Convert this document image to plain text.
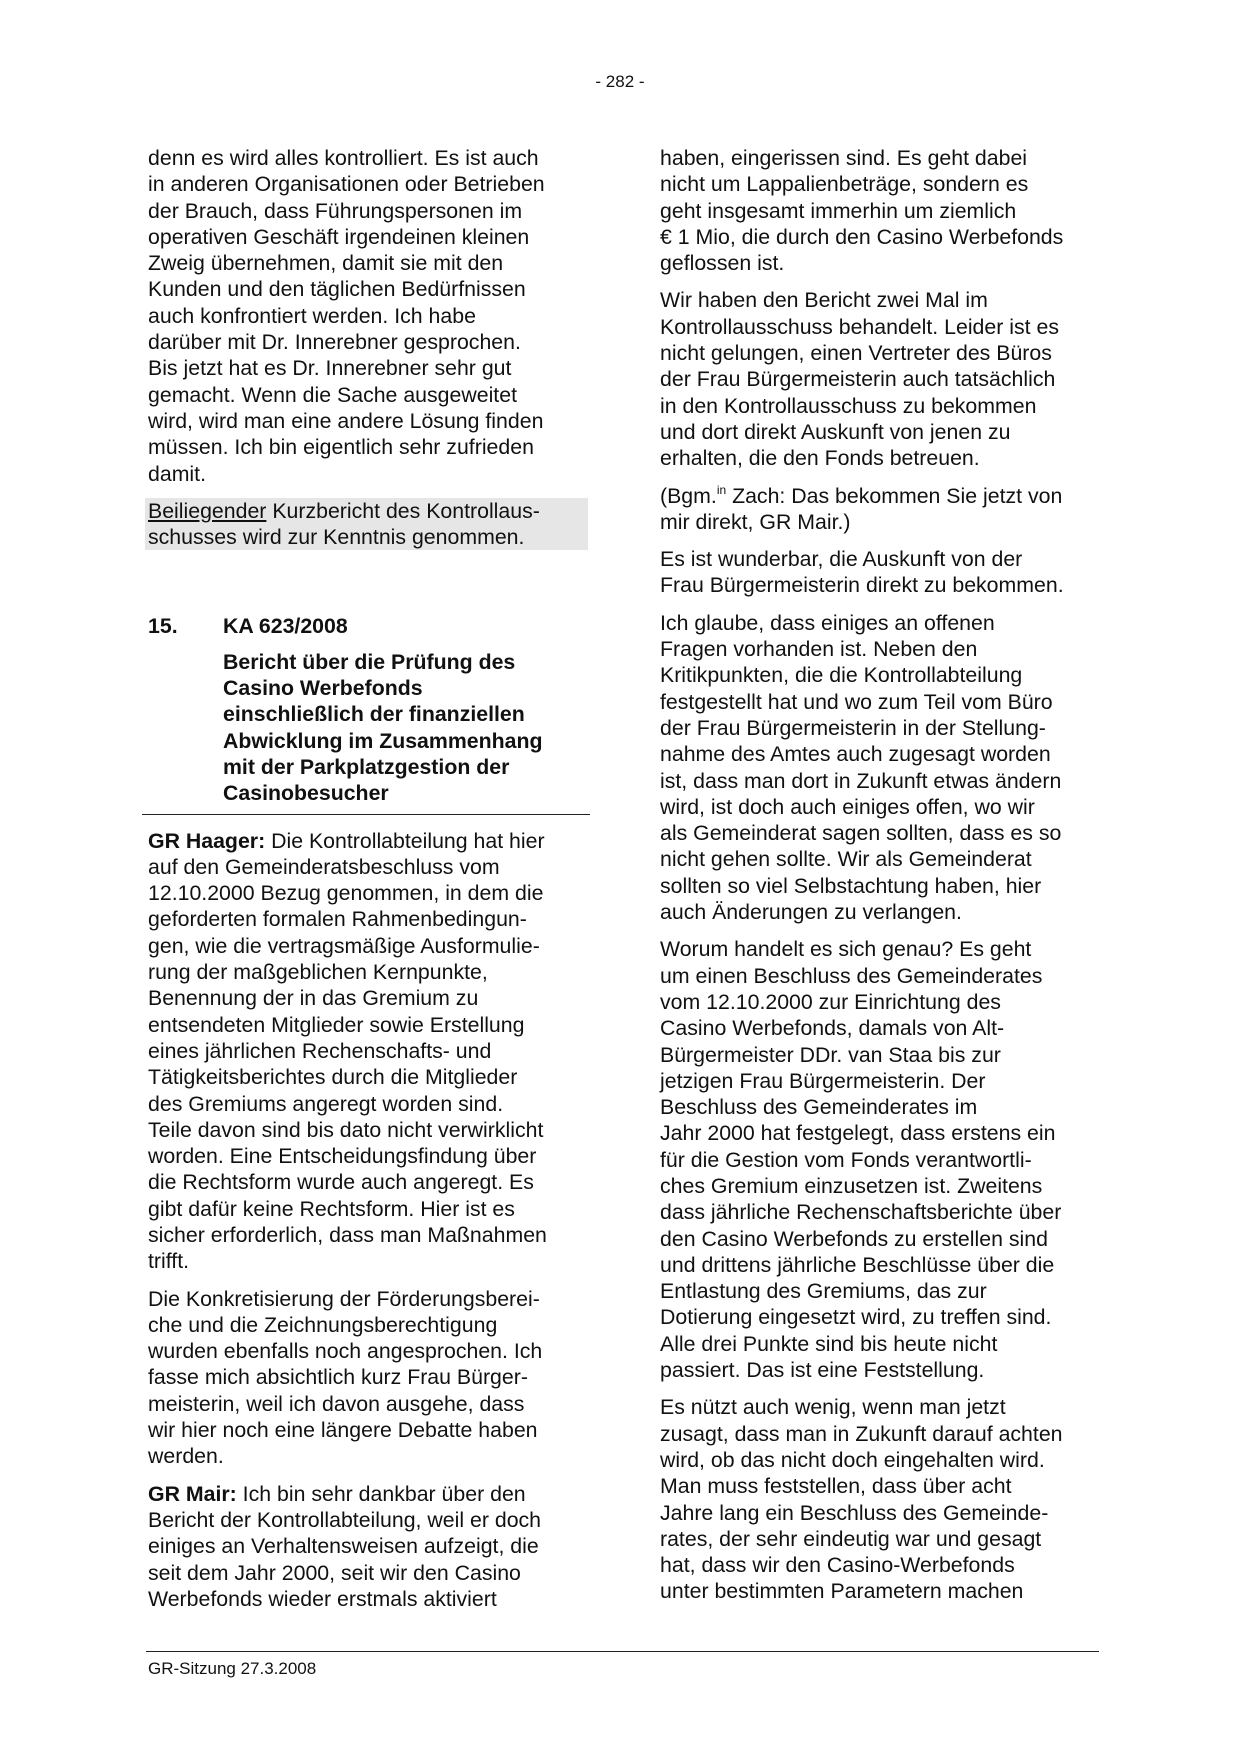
- 282 -

denn es wird alles kontrolliert. Es ist auch
in anderen Organisationen oder Betrieben
der Brauch, dass Führungspersonen im
operativen Geschäft irgendeinen kleinen
Zweig übernehmen, damit sie mit den
Kunden und den täglichen Bedürfnissen
auch konfrontiert werden. Ich habe
darüber mit Dr. Innerebner gesprochen.
Bis jetzt hat es Dr. Innerebner sehr gut
gemacht. Wenn die Sache ausgeweitet
wird, wird man eine andere Lösung finden
müssen. Ich bin eigentlich sehr zufrieden
damit.

Beiliegender Kurzbericht des Kontrollaus-
schusses wird zur Kenntnis genommen.

15.	KA 623/2008
Bericht über die Prüfung des
Casino Werbefonds
einschließlich der finanziellen
Abwicklung im Zusammenhang
mit der Parkplatzgestion der
Casinobesucher

GR Haager: Die Kontrollabteilung hat hier
auf den Gemeinderatsbeschluss vom
12.10.2000 Bezug genommen, in dem die
geforderten formalen Rahmenbedingun-
gen, wie die vertragsmäßige Ausformulie-
rung der maßgeblichen Kernpunkte,
Benennung der in das Gremium zu
entsendeten Mitglieder sowie Erstellung
eines jährlichen Rechenschafts- und
Tätigkeitsberichtes durch die Mitglieder
des Gremiums angeregt worden sind.
Teile davon sind bis dato nicht verwirklicht
worden. Eine Entscheidungsfindung über
die Rechtsform wurde auch angeregt. Es
gibt dafür keine Rechtsform. Hier ist es
sicher erforderlich, dass man Maßnahmen
trifft.

Die Konkretisierung der Förderungsberei-
che und die Zeichnungsberechtigung
wurden ebenfalls noch angesprochen. Ich
fasse mich absichtlich kurz Frau Bürger-
meisterin, weil ich davon ausgehe, dass
wir hier noch eine längere Debatte haben
werden.

GR Mair: Ich bin sehr dankbar über den
Bericht der Kontrollabteilung, weil er doch
einiges an Verhaltensweisen aufzeigt, die
seit dem Jahr 2000, seit wir den Casino
Werbefonds wieder erstmals aktiviert

haben, eingerissen sind. Es geht dabei
nicht um Lappalienbeträge, sondern es
geht insgesamt immerhin um ziemlich
€ 1 Mio, die durch den Casino Werbefonds
geflossen ist.

Wir haben den Bericht zwei Mal im
Kontrollausschuss behandelt. Leider ist es
nicht gelungen, einen Vertreter des Büros
der Frau Bürgermeisterin auch tatsächlich
in den Kontrollausschuss zu bekommen
und dort direkt Auskunft von jenen zu
erhalten, die den Fonds betreuen.

(Bgm.$^{in}$ Zach: Das bekommen Sie jetzt von
mir direkt, GR Mair.)

Es ist wunderbar, die Auskunft von der
Frau Bürgermeisterin direkt zu bekommen.

Ich glaube, dass einiges an offenen
Fragen vorhanden ist. Neben den
Kritikpunkten, die die Kontrollabteilung
festgestellt hat und wo zum Teil vom Büro
der Frau Bürgermeisterin in der Stellung-
nahme des Amtes auch zugesagt worden
ist, dass man dort in Zukunft etwas ändern
wird, ist doch auch einiges offen, wo wir
als Gemeinderat sagen sollten, dass es so
nicht gehen sollte. Wir als Gemeinderat
sollten so viel Selbstachtung haben, hier
auch Änderungen zu verlangen.

Worum handelt es sich genau? Es geht
um einen Beschluss des Gemeinderates
vom 12.10.2000 zur Einrichtung des
Casino Werbefonds, damals von Alt-
Bürgermeister DDr. van Staa bis zur
jetzigen Frau Bürgermeisterin. Der
Beschluss des Gemeinderates im
Jahr 2000 hat festgelegt, dass erstens ein
für die Gestion vom Fonds verantwortli-
ches Gremium einzusetzen ist. Zweitens
dass jährliche Rechenschaftsberichte über
den Casino Werbefonds zu erstellen sind
und drittens jährliche Beschlüsse über die
Entlastung des Gremiums, das zur
Dotierung eingesetzt wird, zu treffen sind.
Alle drei Punkte sind bis heute nicht
passiert. Das ist eine Feststellung.

Es nützt auch wenig, wenn man jetzt
zusagt, dass man in Zukunft darauf achten
wird, ob das nicht doch eingehalten wird.
Man muss feststellen, dass über acht
Jahre lang ein Beschluss des Gemeinde-
rates, der sehr eindeutig war und gesagt
hat, dass wir den Casino-Werbefonds
unter bestimmten Parametern machen

GR-Sitzung 27.3.2008
